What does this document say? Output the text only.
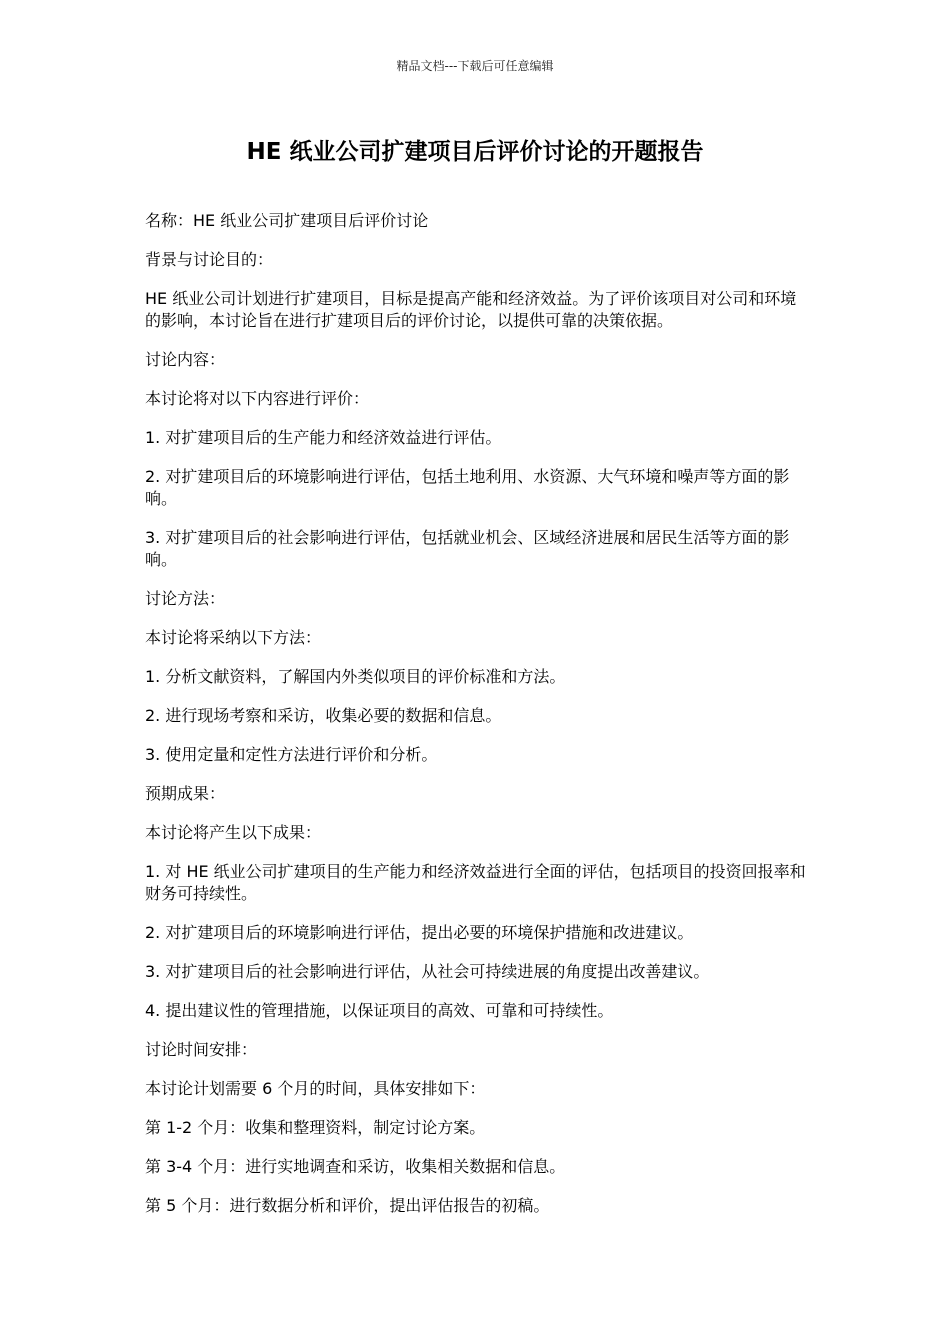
精品文档---下载后可任意编辑
HE 纸业公司扩建项目后评价讨论的开题报告

名称：HE 纸业公司扩建项目后评价讨论

背景与讨论目的：

HE 纸业公司计划进行扩建项目，目标是提高产能和经济效益。为了评价该项目对公司和环境的影响，本讨论旨在进行扩建项目后的评价讨论，以提供可靠的决策依据。

讨论内容：

本讨论将对以下内容进行评价：

1. 对扩建项目后的生产能力和经济效益进行评估。

2. 对扩建项目后的环境影响进行评估，包括土地利用、水资源、大气环境和噪声等方面的影响。

3. 对扩建项目后的社会影响进行评估，包括就业机会、区域经济进展和居民生活等方面的影响。

讨论方法：

本讨论将采纳以下方法：

1. 分析文献资料，了解国内外类似项目的评价标准和方法。

2. 进行现场考察和采访，收集必要的数据和信息。

3. 使用定量和定性方法进行评价和分析。

预期成果：

本讨论将产生以下成果：

1. 对 HE 纸业公司扩建项目的生产能力和经济效益进行全面的评估，包括项目的投资回报率和财务可持续性。

2. 对扩建项目后的环境影响进行评估，提出必要的环境保护措施和改进建议。

3. 对扩建项目后的社会影响进行评估，从社会可持续进展的角度提出改善建议。

4. 提出建议性的管理措施，以保证项目的高效、可靠和可持续性。

讨论时间安排：

本讨论计划需要 6 个月的时间，具体安排如下：

第 1-2 个月：收集和整理资料，制定讨论方案。

第 3-4 个月：进行实地调查和采访，收集相关数据和信息。

第 5 个月：进行数据分析和评价，提出评估报告的初稿。
